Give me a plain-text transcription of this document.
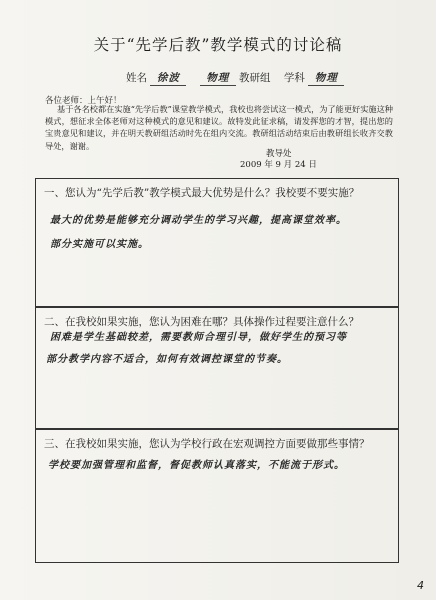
关于“先学后教”教学模式的讨论稿
姓名 徐波	物理 教研组 学科 物理
各位老师：上午好！
基于各名校都在实施“先学后教”课堂教学模式，我校也将尝试这一模式，为了能更好实施这种模式，想征求全体老师对这种模式的意见和建议。故特发此征求稿，请发挥您的才智，提出您的宝贵意见和建议，并在明天教研组活动时先在组内交流。教研组活动结束后由教研组长收齐交教导处，谢谢。
教导处
2009 年 9 月 24 日
一、您认为“先学后教”教学模式最大优势是什么？我校要不要实施？
最大的优势是能够充分调动学生的学习兴趣，提高课堂效率。
部分实施可以实施。
二、在我校如果实施，您认为困难在哪？具体操作过程要注意什么？
困难是学生基础较差，需要教师合理引导，做好学生的预习等
部分教学内容不适合，如何有效调控课堂的节奏。
三、在我校如果实施，您认为学校行政在宏观调控方面要做那些事情？
学校要加强管理和监督，督促教师认真落实，不能流于形式。
4
